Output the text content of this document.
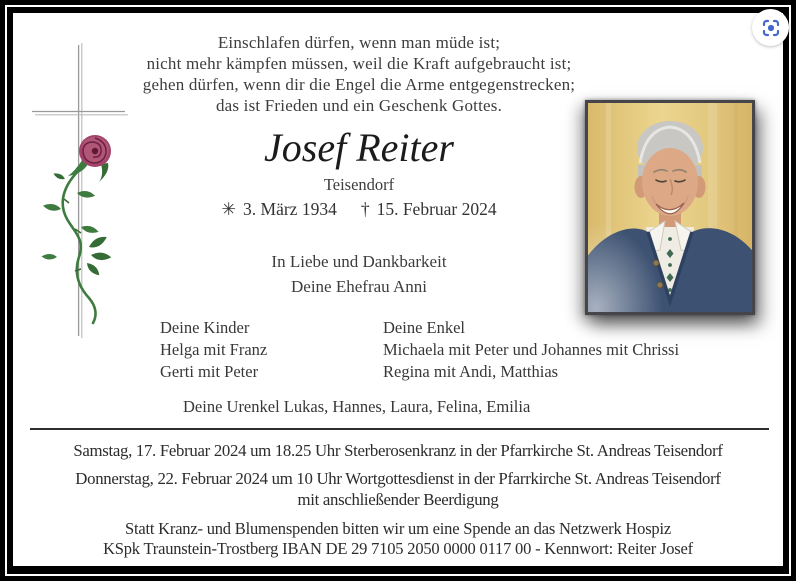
Einschlafen dürfen, wenn man müde ist;
nicht mehr kämpfen müssen, weil die Kraft aufgebraucht ist;
gehen dürfen, wenn dir die Engel die Arme entgegenstrecken;
das ist Frieden und ein Geschenk Gottes.
Josef Reiter
Teisendorf
✳ 3. März 1934 † 15. Februar 2024
In Liebe und Dankbarkeit
Deine Ehefrau Anni
Deine Kinder
Helga mit Franz
Gerti mit Peter
Deine Enkel
Michaela mit Peter und Johannes mit Chrissi
Regina mit Andi, Matthias
Deine Urenkel Lukas, Hannes, Laura, Felina, Emilia
Samstag, 17. Februar 2024 um 18.25 Uhr Sterberosenkranz in der Pfarrkirche St. Andreas Teisendorf
Donnerstag, 22. Februar 2024 um 10 Uhr Wortgottesdienst in der Pfarrkirche St. Andreas Teisendorf
mit anschließender Beerdigung
Statt Kranz- und Blumenspenden bitten wir um eine Spende an das Netzwerk Hospiz
KSpk Traunstein-Trostberg IBAN DE 29 7105 2050 0000 0117 00 - Kennwort: Reiter Josef
